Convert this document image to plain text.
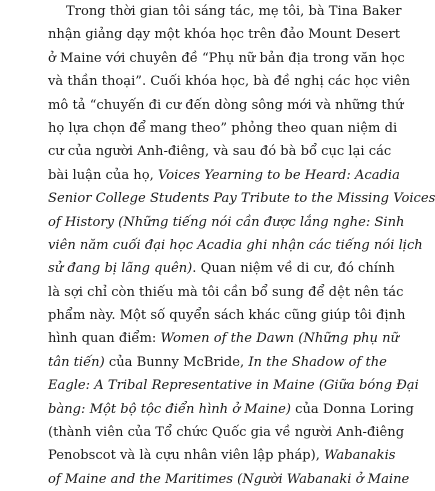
Trong thời gian tôi sáng tác, mẹ tôi, bà Tina Baker
nhận giảng dạy một khóa học trên đảo Mount Desert
ở Maine với chuyên đề “Phụ nữ bản địa trong văn học
và thần thoại”. Cuối khóa học, bà đề nghị các học viên
mô tả “chuyến đi cư đến dòng sông mới và những thứ
họ lựa chọn để mang theo” phỏng theo quan niệm di
cư của người Anh-điêng, và sau đó bà bổ cục lại các
bài luận của họ, Voices Yearning to be Heard: Acadia
Senior College Students Pay Tribute to the Missing Voices
of History (Những tiếng nói cần được lắng nghe: Sinh
viên năm cuối đại học Acadia ghi nhận các tiếng nói lịch
sử đang bị lãng quên). Quan niệm về di cư, đó chính
là sợi chỉ còn thiếu mà tôi cần bổ sung để dệt nên tác
phẩm này. Một số quyển sách khác cũng giúp tôi định
hình quan điểm: Women of the Dawn (Những phụ nữ
tân tiến) của Bunny McBride, In the Shadow of the
Eagle: A Tribal Representative in Maine (Giữa bóng Đại
bàng: Một bộ tộc điển hình ở Maine) của Donna Loring
(thành viên của Tổ chức Quốc gia về người Anh-điêng
Penobscot và là cựu nhân viên lập pháp), Wabanakis
of Maine and the Maritimes (Người Wabanaki ở Maine
